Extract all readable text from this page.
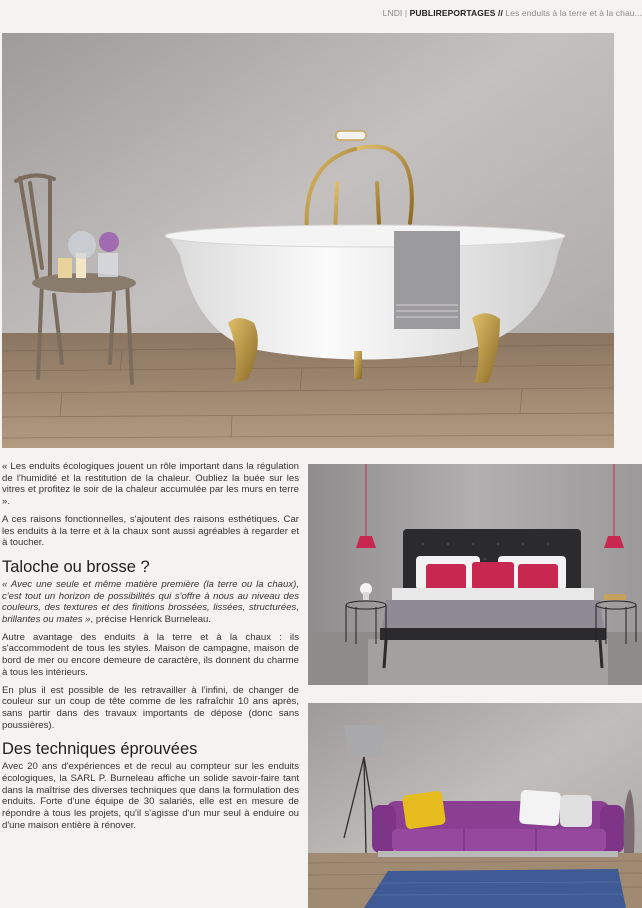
LNDI | PUBLIREPORTAGES // Les enduits à la terre et à la chau...

« Les enduits écologiques jouent un rôle important dans la régulation de l'humidité et la restitution de la chaleur. Oubliez la buée sur les vitres et profitez le soir de la chaleur accumulée par les murs en terre ».

A ces raisons fonctionnelles, s'ajoutent des raisons esthétiques. Car les enduits à la terre et à la chaux sont aussi agréables à regarder et à toucher.

Taloche ou brosse ?

« Avec une seule et même matière première (la terre ou la chaux), c'est tout un horizon de possibilités qui s'offre à nous au niveau des couleurs, des textures et des finitions brossées, lissées, structurées, brillantes ou mates », précise Henrick Burneleau.

Autre avantage des enduits à la terre et à la chaux : ils s'accommodent de tous les styles. Maison de campagne, maison de bord de mer ou encore demeure de caractère, ils donnent du charme à tous les intérieurs.

En plus il est possible de les retravailler à l'infini, de changer de couleur sur un coup de tête comme de les rafraîchir 10 ans après, sans partir dans des travaux importants de dépose (donc sans poussières).

Des techniques éprouvées

Avec 20 ans d'expériences et de recul au compteur sur les enduits écologiques, la SARL P. Burneleau affiche un solide savoir-faire tant dans la maîtrise des diverses techniques que dans la formulation des enduits. Forte d'une équipe de 30 salariés, elle est en mesure de répondre à tous les projets, qu'il s'agisse d'un mur seul à enduire ou d'une maison entière à rénover.
